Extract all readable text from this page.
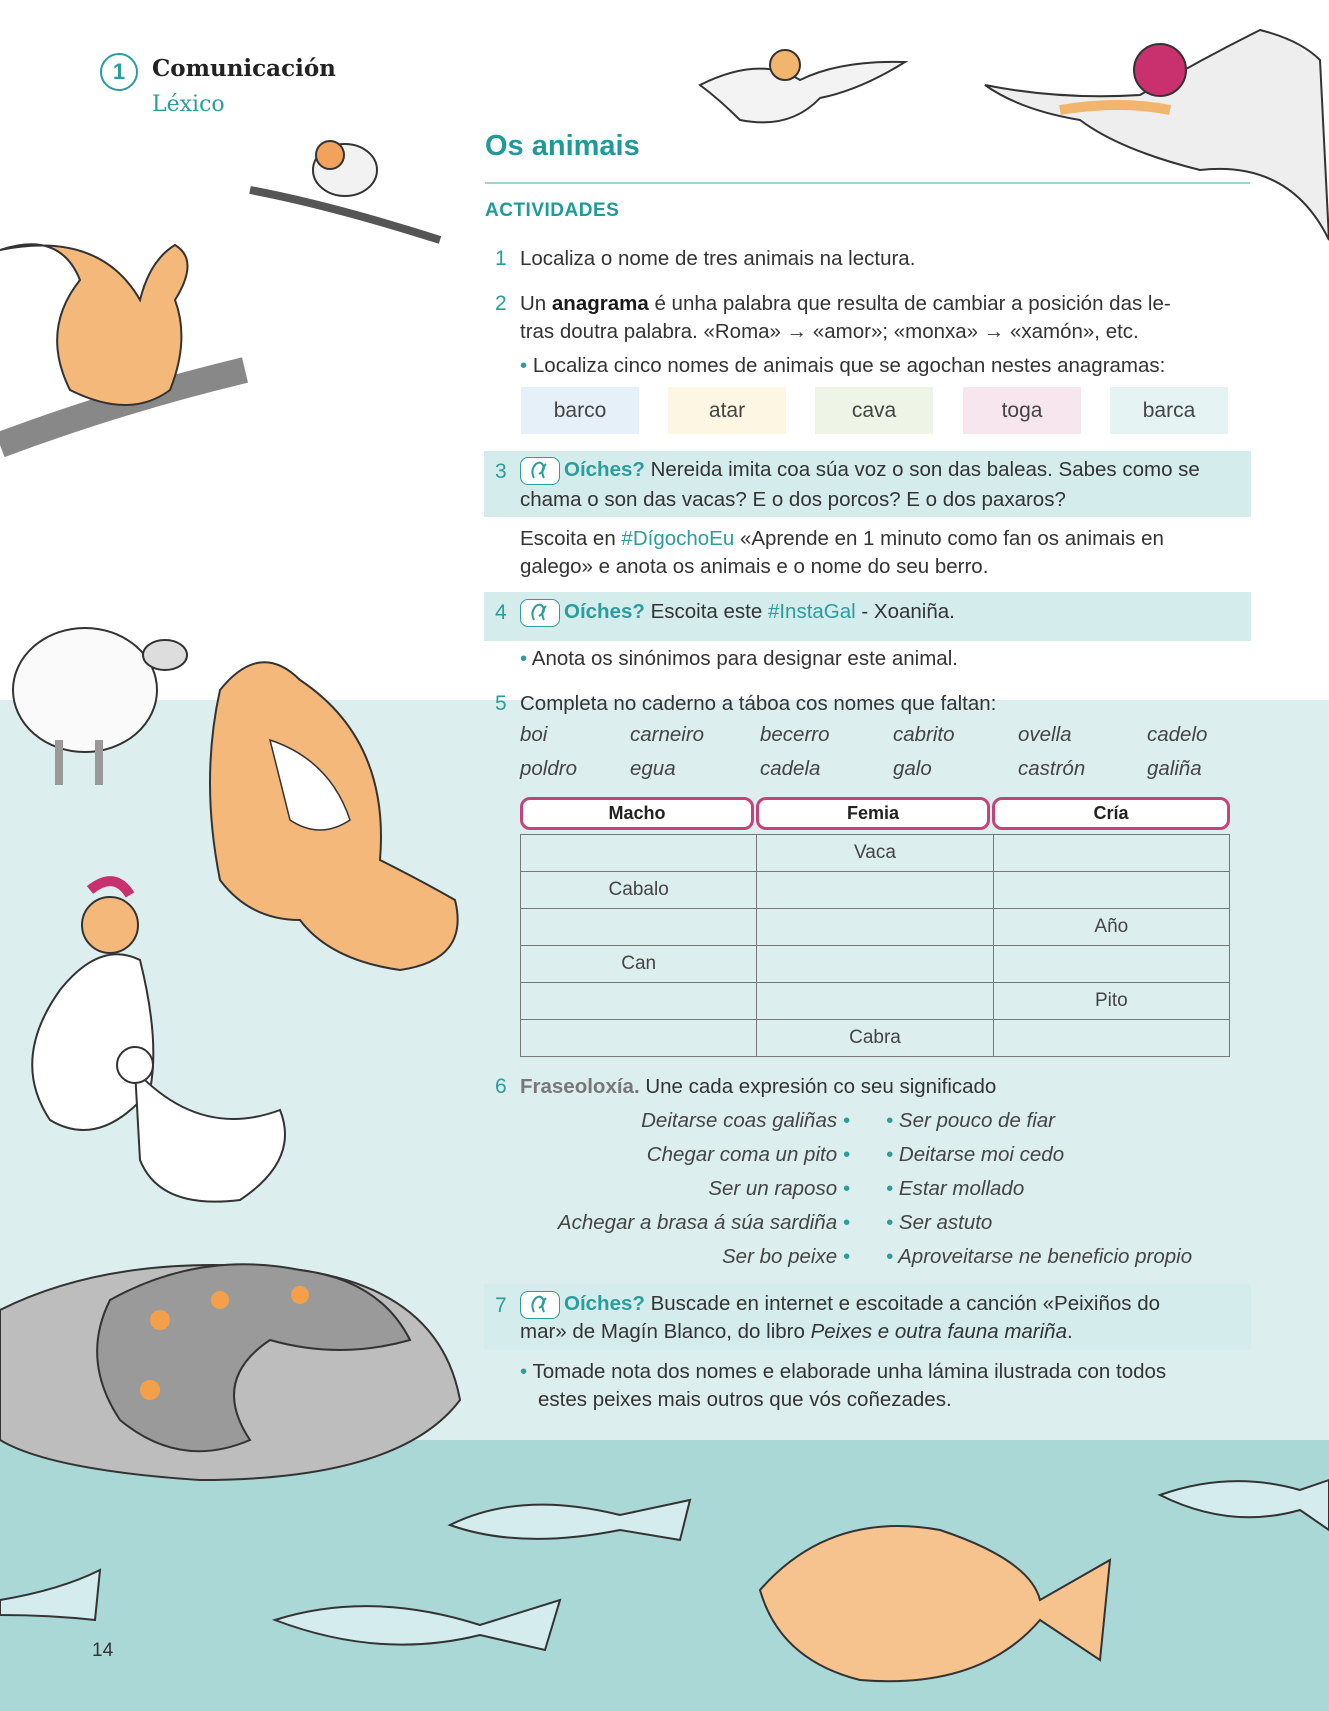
1	Comunicación
Léxico
Os animais
ACTIVIDADES
1 Localiza o nome de tres animais na lectura.
2 Un anagrama é unha palabra que resulta de cambiar a posición das le-
tras doutra palabra. «Roma» → «amor»; «monxa» → «xamón», etc.
• Localiza cinco nomes de animais que se agochan nestes anagramas:
barco	atar	cava	toga	barca
3	Oíches? Nereida imita coa súa voz o son das baleas. Sabes como se
chama o son das vacas? E o dos porcos? E o dos paxaros?
Escoita en #DígochoEu «Aprende en 1 minuto como fan os animais en
galego» e anota os animais e o nome do seu berro.
4	Oíches? Escoita este #InstaGal - Xoaniña.
• Anota os sinónimos para designar este animal.
5 Completa no caderno a táboa cos nomes que faltan:
boi	carneiro	becerro	cabrito	ovella	cadelo
poldro	egua	cadela	galo	castrón	galiña
Macho	Femia	Cría
	Vaca	
Cabalo		
		Año
Can		
		Pito
	Cabra	
6 Fraseoloxía. Une cada expresión co seu significado
Deitarse coas galiñas •
Chegar coma un pito •
Ser un raposo •
Achegar a brasa á súa sardiña •
Ser bo peixe •
• Ser pouco de fiar
• Deitarse moi cedo
• Estar mollado
• Ser astuto
• Aproveitarse ne beneficio propio
7	Oíches? Buscade en internet e escoitade a canción «Peixiños do
mar» de Magín Blanco, do libro Peixes e outra fauna mariña.
• Tomade nota dos nomes e elaborade unha lámina ilustrada con todos
estes peixes mais outros que vós coñezades.
14
